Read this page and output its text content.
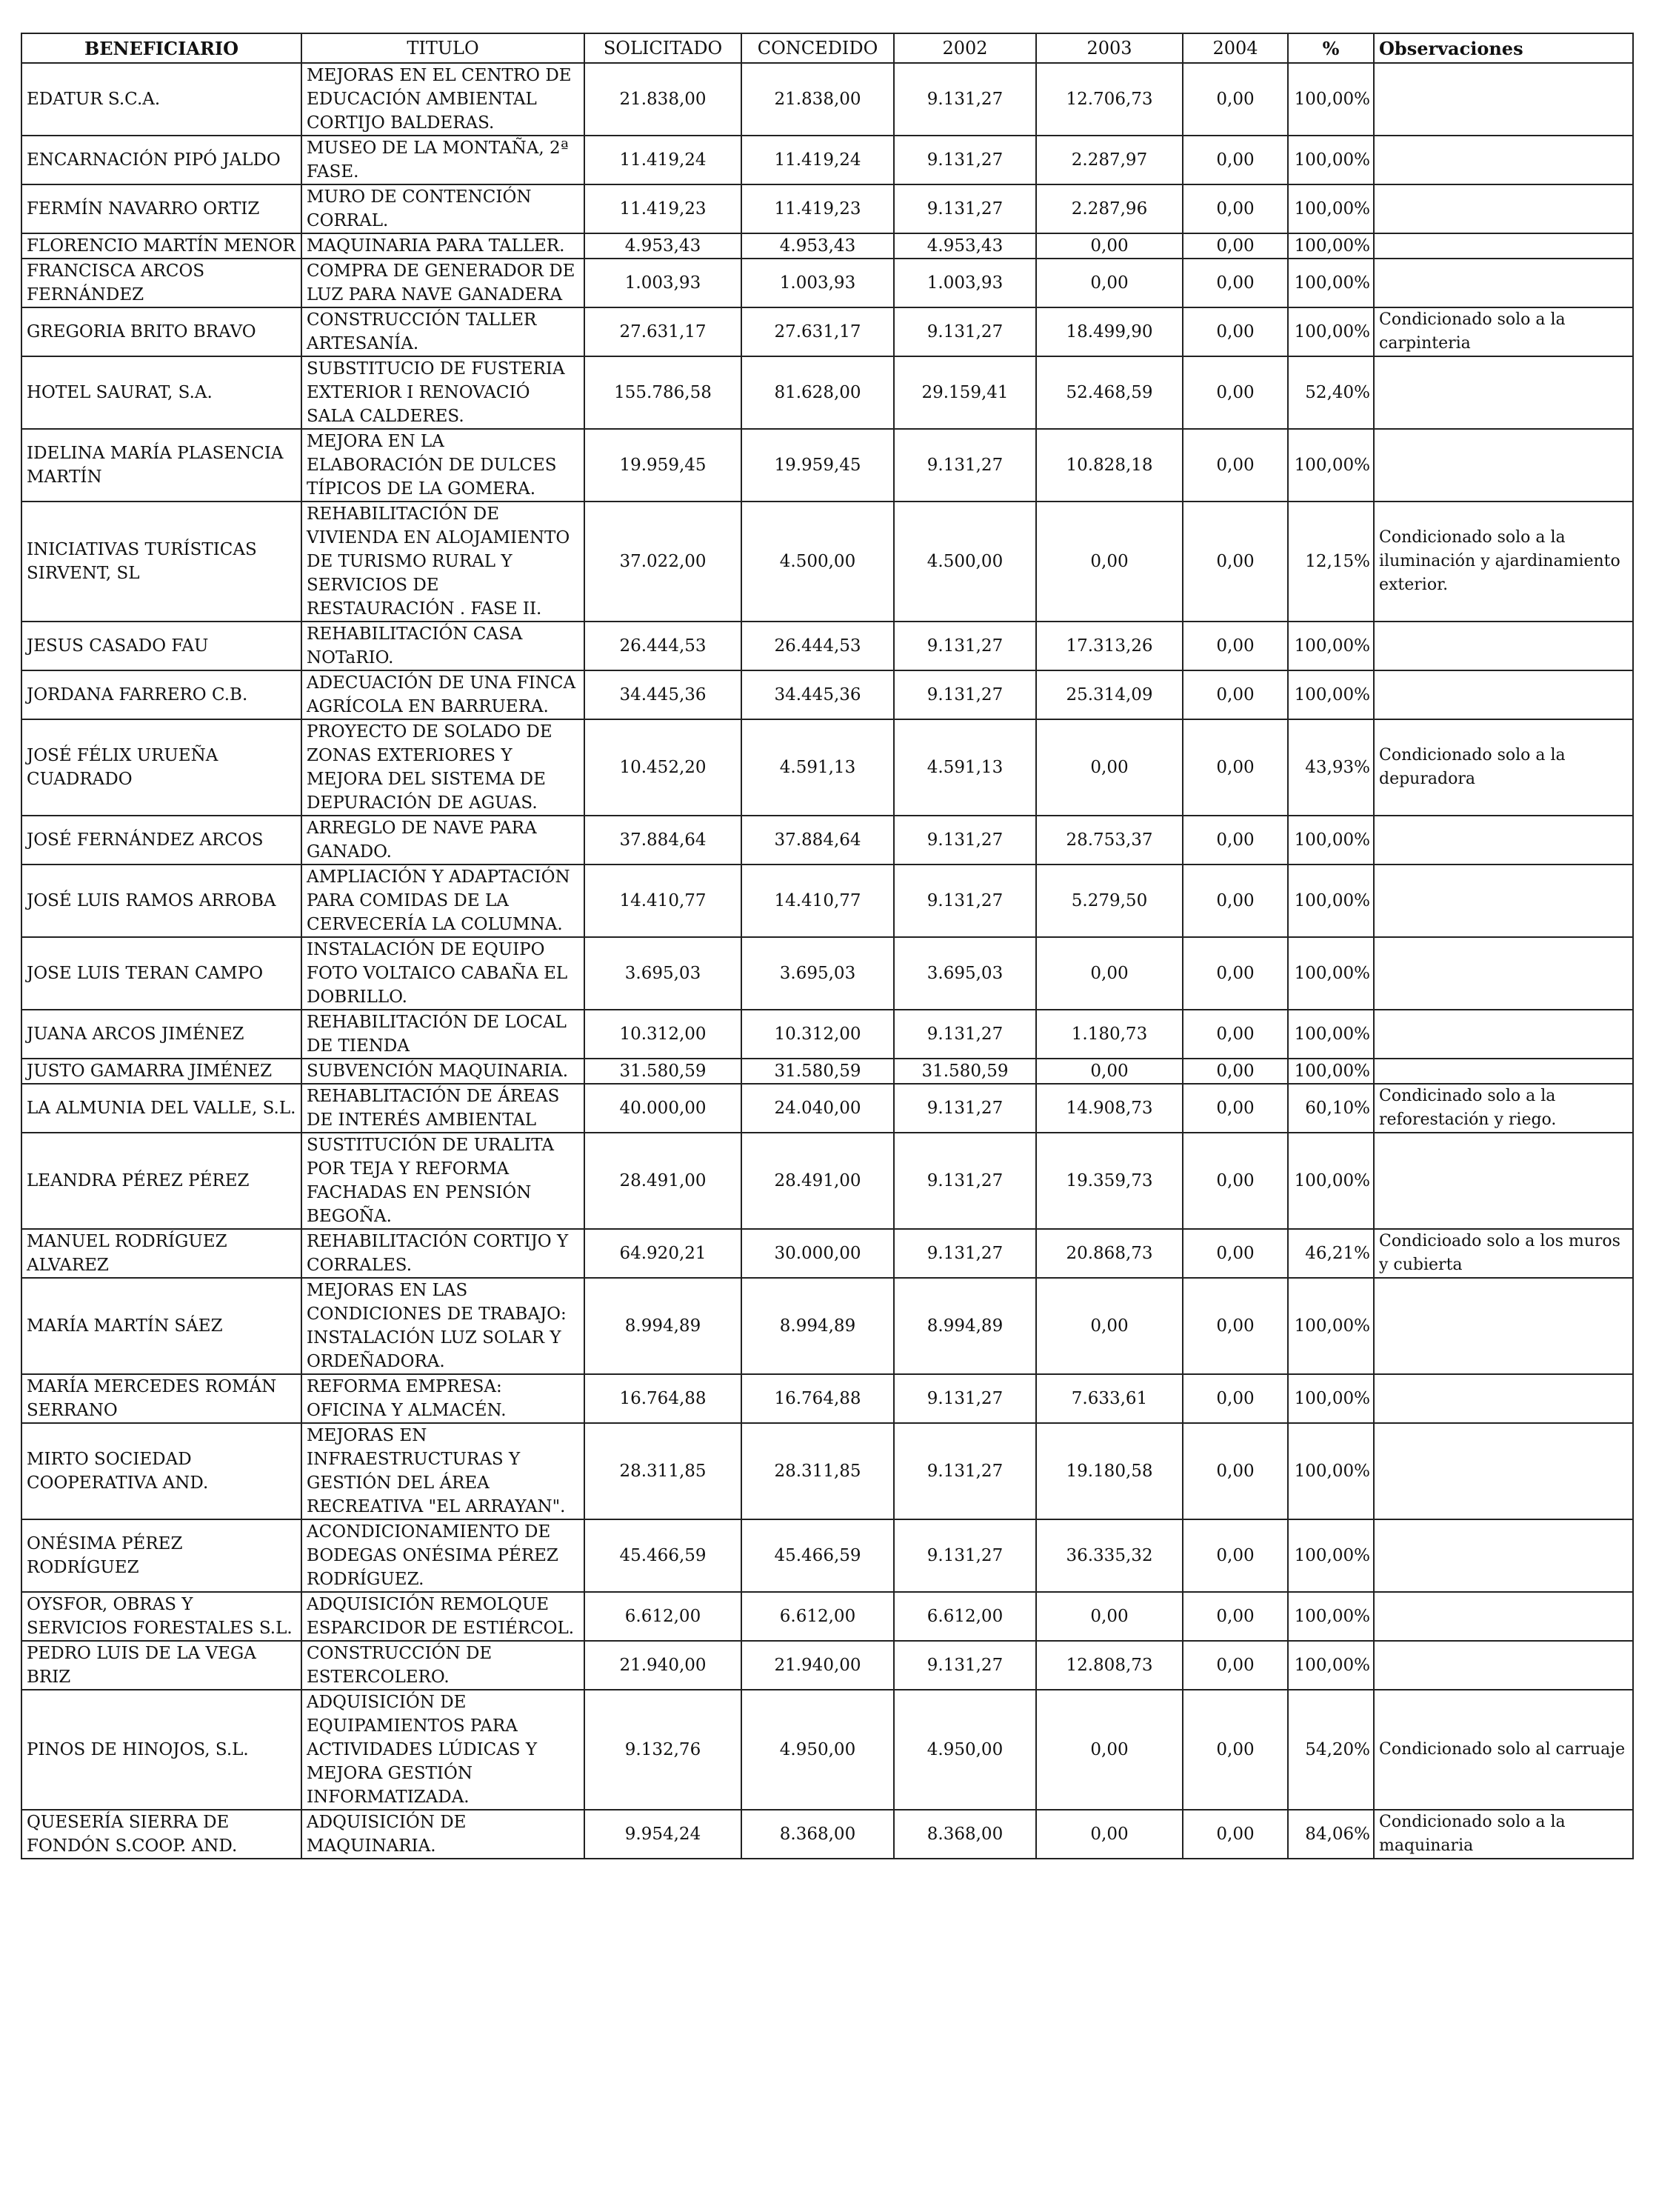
BENEFICIARIO	TITULO	SOLICITADO	CONCEDIDO	2002	2003	2004	%	Observaciones
EDATUR S.C.A.	MEJORAS EN EL CENTRO DE EDUCACIÓN AMBIENTAL CORTIJO BALDERAS.	21.838,00	21.838,00	9.131,27	12.706,73	0,00	100,00%	
ENCARNACIÓN PIPÓ JALDO	MUSEO DE LA MONTAÑA, 2ª FASE.	11.419,24	11.419,24	9.131,27	2.287,97	0,00	100,00%	
FERMÍN NAVARRO ORTIZ	MURO DE CONTENCIÓN CORRAL.	11.419,23	11.419,23	9.131,27	2.287,96	0,00	100,00%	
FLORENCIO MARTÍN MENOR	MAQUINARIA PARA TALLER.	4.953,43	4.953,43	4.953,43	0,00	0,00	100,00%	
FRANCISCA ARCOS FERNÁNDEZ	COMPRA DE GENERADOR DE LUZ PARA NAVE GANADERA	1.003,93	1.003,93	1.003,93	0,00	0,00	100,00%	
GREGORIA BRITO BRAVO	CONSTRUCCIÓN TALLER ARTESANÍA.	27.631,17	27.631,17	9.131,27	18.499,90	0,00	100,00%	Condicionado solo a la carpinteria
HOTEL SAURAT, S.A.	SUBSTITUCIO DE FUSTERIA EXTERIOR I RENOVACIÓ SALA CALDERES.	155.786,58	81.628,00	29.159,41	52.468,59	0,00	52,40%	
IDELINA MARÍA PLASENCIA MARTÍN	MEJORA EN LA ELABORACIÓN DE DULCES TÍPICOS DE LA GOMERA.	19.959,45	19.959,45	9.131,27	10.828,18	0,00	100,00%	
INICIATIVAS TURÍSTICAS SIRVENT, SL	REHABILITACIÓN DE VIVIENDA EN ALOJAMIENTO DE TURISMO RURAL Y SERVICIOS DE RESTAURACIÓN . FASE II.	37.022,00	4.500,00	4.500,00	0,00	0,00	12,15%	Condicionado solo a la iluminación y ajardinamiento exterior.
JESUS CASADO FAU	REHABILITACIÓN CASA NOTaRIO.	26.444,53	26.444,53	9.131,27	17.313,26	0,00	100,00%	
JORDANA FARRERO C.B.	ADECUACIÓN DE UNA FINCA AGRÍCOLA EN BARRUERA.	34.445,36	34.445,36	9.131,27	25.314,09	0,00	100,00%	
JOSÉ FÉLIX URUEÑA CUADRADO	PROYECTO DE SOLADO DE ZONAS EXTERIORES Y MEJORA DEL SISTEMA DE DEPURACIÓN DE AGUAS.	10.452,20	4.591,13	4.591,13	0,00	0,00	43,93%	Condicionado solo a la depuradora
JOSÉ FERNÁNDEZ ARCOS	ARREGLO DE NAVE PARA GANADO.	37.884,64	37.884,64	9.131,27	28.753,37	0,00	100,00%	
JOSÉ LUIS RAMOS ARROBA	AMPLIACIÓN Y ADAPTACIÓN PARA COMIDAS DE LA CERVECERÍA LA COLUMNA.	14.410,77	14.410,77	9.131,27	5.279,50	0,00	100,00%	
JOSE LUIS TERAN CAMPO	INSTALACIÓN DE EQUIPO FOTO VOLTAICO CABAÑA EL DOBRILLO.	3.695,03	3.695,03	3.695,03	0,00	0,00	100,00%	
JUANA ARCOS JIMÉNEZ	REHABILITACIÓN DE LOCAL DE TIENDA	10.312,00	10.312,00	9.131,27	1.180,73	0,00	100,00%	
JUSTO GAMARRA JIMÉNEZ	SUBVENCIÓN MAQUINARIA.	31.580,59	31.580,59	31.580,59	0,00	0,00	100,00%	
LA ALMUNIA DEL VALLE, S.L.	REHABLITACIÓN DE ÁREAS DE INTERÉS AMBIENTAL	40.000,00	24.040,00	9.131,27	14.908,73	0,00	60,10%	Condicinado solo a la reforestación y riego.
LEANDRA PÉREZ PÉREZ	SUSTITUCIÓN DE URALITA POR TEJA Y REFORMA FACHADAS EN PENSIÓN BEGOÑA.	28.491,00	28.491,00	9.131,27	19.359,73	0,00	100,00%	
MANUEL RODRÍGUEZ ALVAREZ	REHABILITACIÓN CORTIJO Y CORRALES.	64.920,21	30.000,00	9.131,27	20.868,73	0,00	46,21%	Condicioado solo a los muros y cubierta
MARÍA MARTÍN SÁEZ	MEJORAS EN LAS CONDICIONES DE TRABAJO: INSTALACIÓN LUZ SOLAR Y ORDEÑADORA.	8.994,89	8.994,89	8.994,89	0,00	0,00	100,00%	
MARÍA MERCEDES ROMÁN SERRANO	REFORMA EMPRESA: OFICINA Y ALMACÉN.	16.764,88	16.764,88	9.131,27	7.633,61	0,00	100,00%	
MIRTO SOCIEDAD COOPERATIVA AND.	MEJORAS EN INFRAESTRUCTURAS Y GESTIÓN DEL ÁREA RECREATIVA "EL ARRAYAN".	28.311,85	28.311,85	9.131,27	19.180,58	0,00	100,00%	
ONÉSIMA PÉREZ RODRÍGUEZ	ACONDICIONAMIENTO DE BODEGAS ONÉSIMA PÉREZ RODRÍGUEZ.	45.466,59	45.466,59	9.131,27	36.335,32	0,00	100,00%	
OYSFOR, OBRAS Y SERVICIOS FORESTALES S.L.	ADQUISICIÓN REMOLQUE ESPARCIDOR DE ESTIÉRCOL.	6.612,00	6.612,00	6.612,00	0,00	0,00	100,00%	
PEDRO LUIS DE LA VEGA BRIZ	CONSTRUCCIÓN DE ESTERCOLERO.	21.940,00	21.940,00	9.131,27	12.808,73	0,00	100,00%	
PINOS DE HINOJOS, S.L.	ADQUISICIÓN DE EQUIPAMIENTOS PARA ACTIVIDADES LÚDICAS Y MEJORA GESTIÓN INFORMATIZADA.	9.132,76	4.950,00	4.950,00	0,00	0,00	54,20%	Condicionado solo al carruaje
QUESERÍA SIERRA DE FONDÓN S.COOP. AND.	ADQUISICIÓN DE MAQUINARIA.	9.954,24	8.368,00	8.368,00	0,00	0,00	84,06%	Condicionado solo a la maquinaria
